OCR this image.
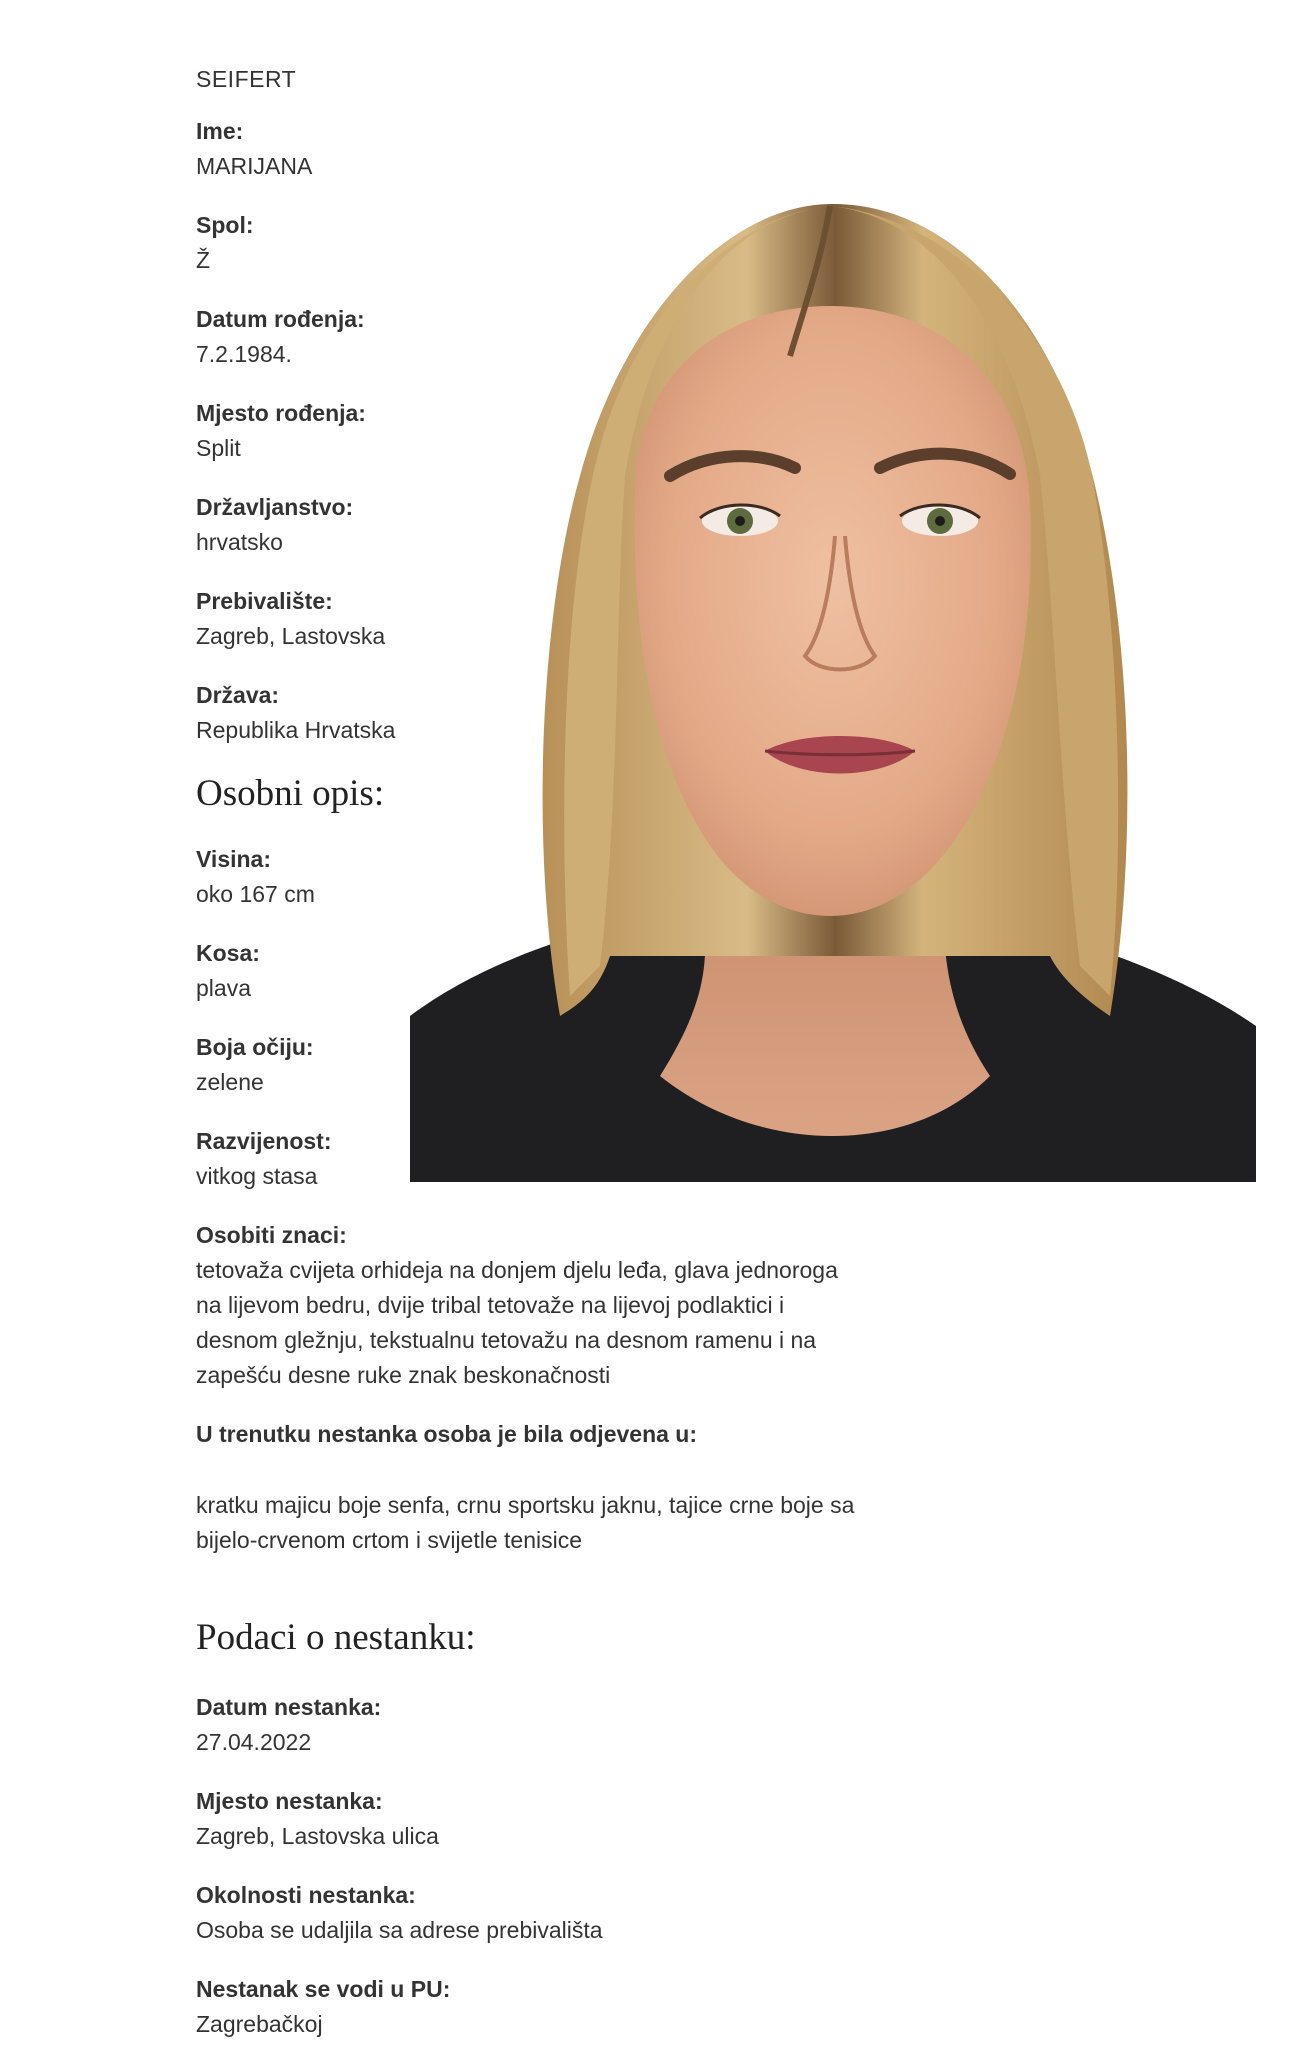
SEIFERT
Ime:
MARIJANA
Spol:
Ž
Datum rođenja:
7.2.1984.
Mjesto rođenja:
Split
Državljanstvo:
hrvatsko
Prebivalište:
Zagreb, Lastovska
Država:
Republika Hrvatska
Osobni opis:
Visina:
oko 167 cm
Kosa:
plava
Boja očiju:
zelene
Razvijenost:
vitkog stasa
Osobiti znaci:
tetovaža cvijeta orhideja na donjem djelu leđa, glava jednoroga na lijevom bedru, dvije tribal tetovaže na lijevoj podlaktici i desnom gležnju, tekstualnu tetovažu na desnom ramenu i na zapešću desne ruke znak beskonačnosti
U trenutku nestanka osoba je bila odjevena u:
kratku majicu boje senfa, crnu sportsku jaknu, tajice crne boje sa bijelo-crvenom crtom i svijetle tenisice
Podaci o nestanku:
Datum nestanka:
27.04.2022
Mjesto nestanka:
Zagreb, Lastovska ulica
Okolnosti nestanka:
Osoba se udaljila sa adrese prebivališta
Nestanak se vodi u PU:
Zagrebačkoj
